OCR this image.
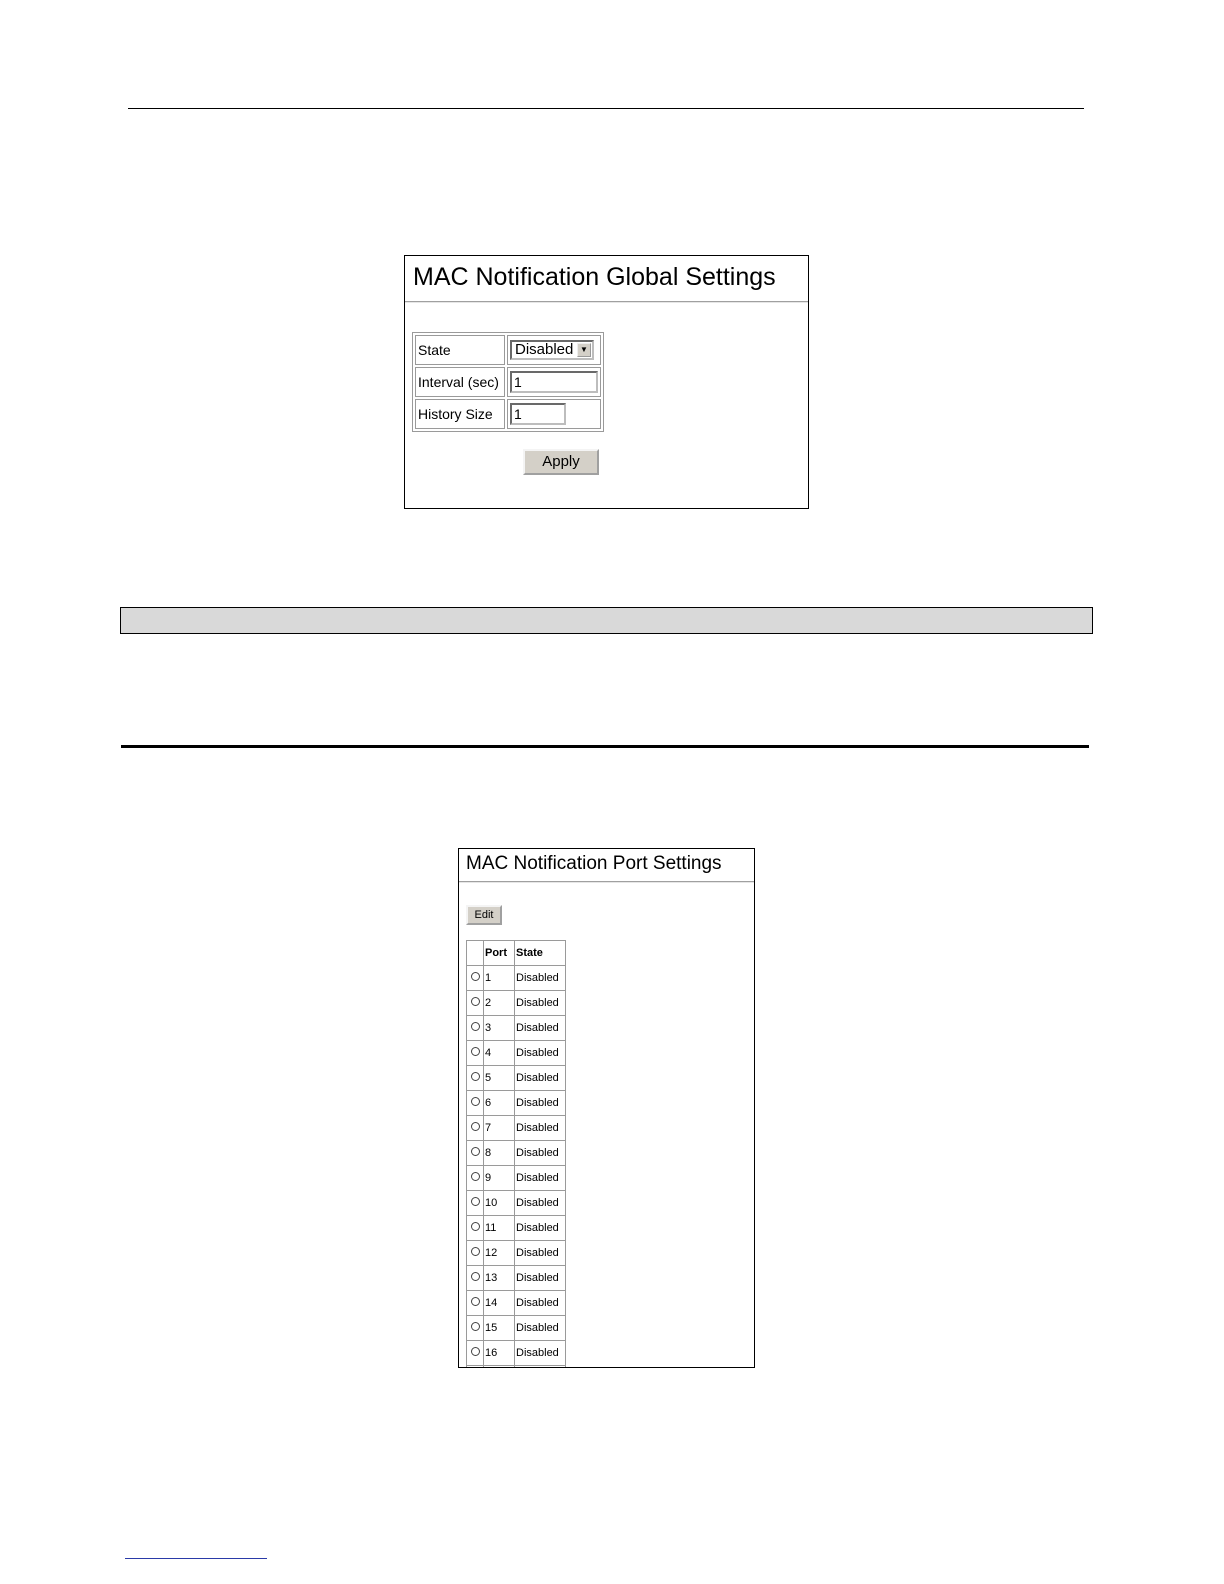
MAC Notification Global Settings
State	Disabled ▼

Interval (sec)	1
History Size	1
Apply
MAC Notification Port Settings
Edit
	Port	State
	1	Disabled
	2	Disabled
	3	Disabled
	4	Disabled
	5	Disabled
	6	Disabled
	7	Disabled
	8	Disabled
	9	Disabled
	10	Disabled
	11	Disabled
	12	Disabled
	13	Disabled
	14	Disabled
	15	Disabled
	16	Disabled
